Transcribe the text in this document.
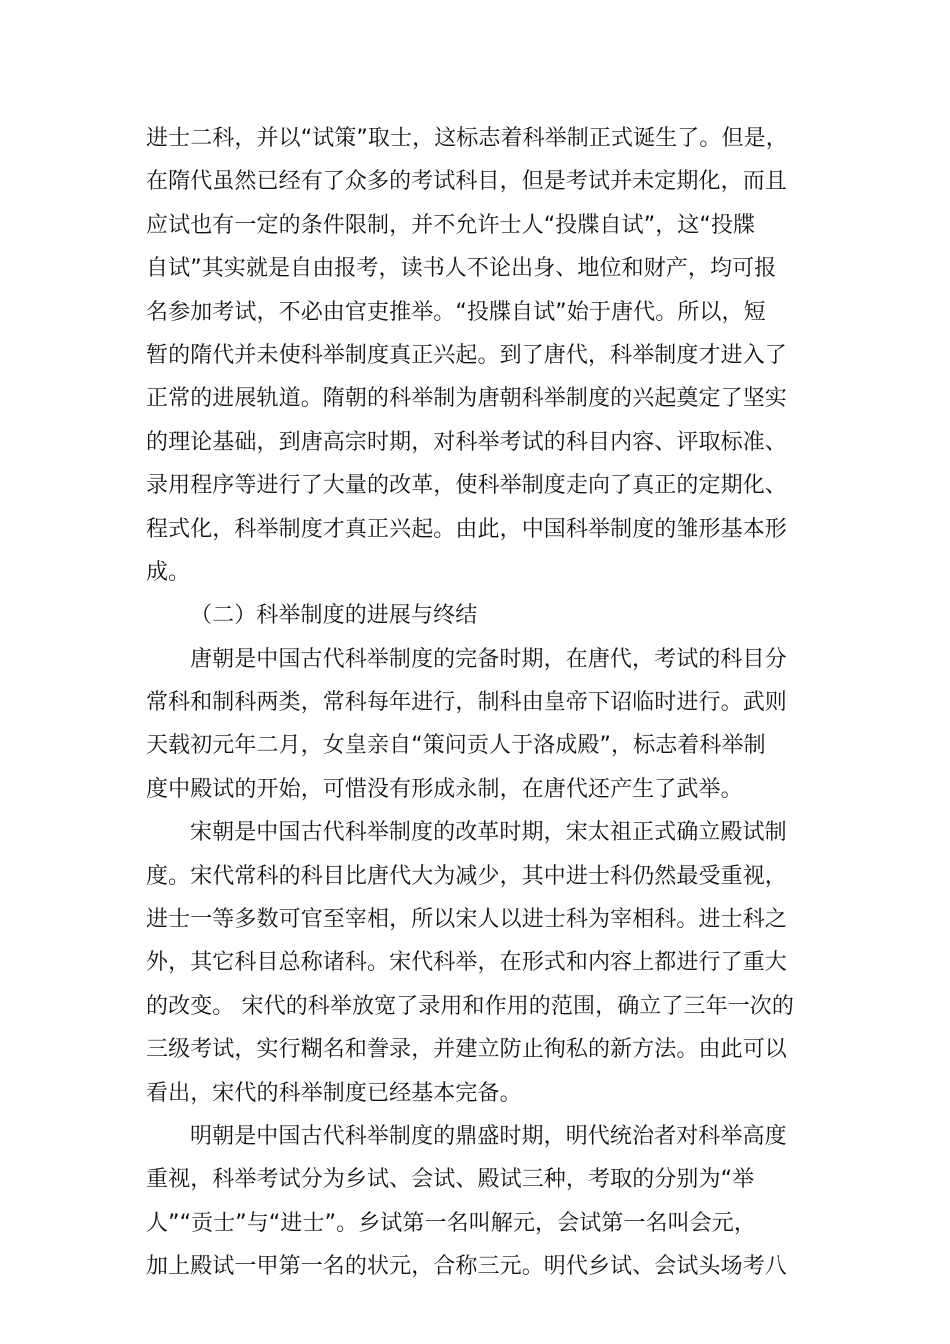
进士二科，并以“试策”取士，这标志着科举制正式诞生了。但是，
在隋代虽然已经有了众多的考试科目，但是考试并未定期化，而且
应试也有一定的条件限制，并不允许士人“投牒自试”，这“投牒
自试”其实就是自由报考，读书人不论出身、地位和财产，均可报
名参加考试，不必由官吏推举。“投牒自试”始于唐代。所以，短
暂的隋代并未使科举制度真正兴起。到了唐代，科举制度才进入了
正常的进展轨道。隋朝的科举制为唐朝科举制度的兴起奠定了坚实
的理论基础，到唐高宗时期，对科举考试的科目内容、评取标准、
录用程序等进行了大量的改革，使科举制度走向了真正的定期化、
程式化，科举制度才真正兴起。由此，中国科举制度的雏形基本形
成。
（二）科举制度的进展与终结
唐朝是中国古代科举制度的完备时期，在唐代，考试的科目分
常科和制科两类，常科每年进行，制科由皇帝下诏临时进行。武则
天载初元年二月，女皇亲自“策问贡人于洛成殿”，标志着科举制
度中殿试的开始，可惜没有形成永制，在唐代还产生了武举。
宋朝是中国古代科举制度的改革时期，宋太祖正式确立殿试制
度。宋代常科的科目比唐代大为减少，其中进士科仍然最受重视，
进士一等多数可官至宰相，所以宋人以进士科为宰相科。进士科之
外，其它科目总称诸科。宋代科举，在形式和内容上都进行了重大
的改变。 宋代的科举放宽了录用和作用的范围，确立了三年一次的
三级考试，实行糊名和誊录，并建立防止徇私的新方法。由此可以
看出，宋代的科举制度已经基本完备。
明朝是中国古代科举制度的鼎盛时期，明代统治者对科举高度
重视，科举考试分为乡试、会试、殿试三种，考取的分别为“举
人”“贡士”与“进士”。乡试第一名叫解元，会试第一名叫会元，
加上殿试一甲第一名的状元，合称三元。明代乡试、会试头场考八
